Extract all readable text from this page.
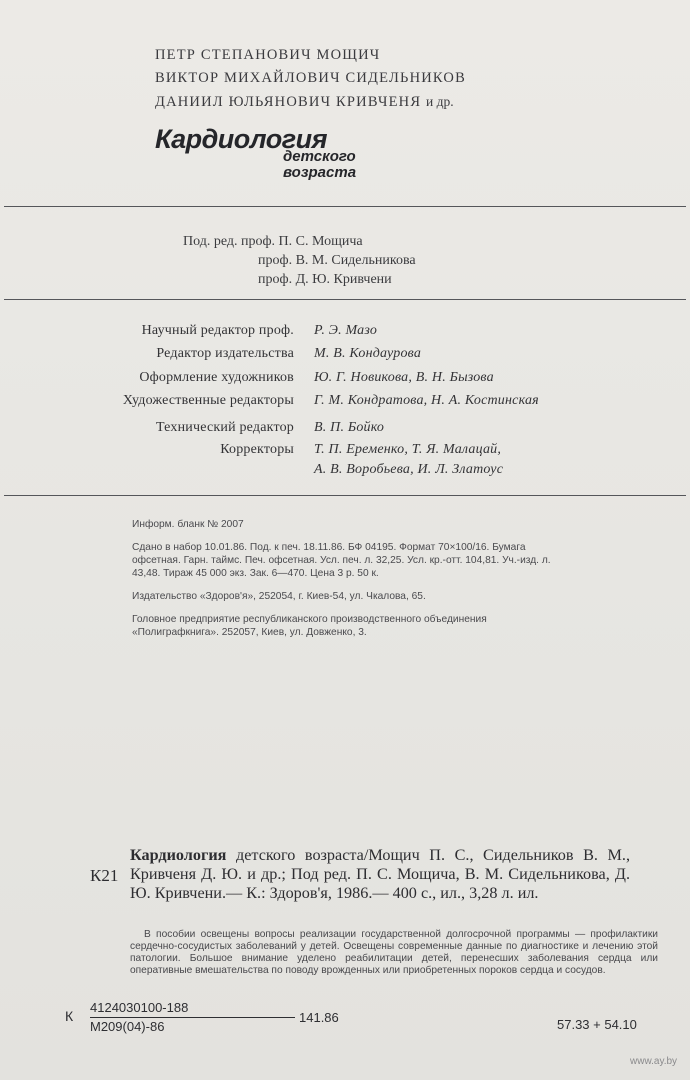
ПЕТР СТЕПАНОВИЧ МОЩИЧ
ВИКТОР МИХАЙЛОВИЧ СИДЕЛЬНИКОВ
ДАНИИЛ ЮЛЬЯНОВИЧ КРИВЧЕНЯ и др.
Кардиология
детского
возраста
Под. ред. проф. П. С. Мощича
проф. В. М. Сидельникова
проф. Д. Ю. Кривчени
Научный редактор проф. Р. Э. Мазо
Редактор издательства М. В. Кондаурова
Оформление художников Ю. Г. Новикова, В. Н. Бызова
Художественные редакторы Г. М. Кондратова, Н. А. Костинская
Технический редактор В. П. Бойко
Корректоры Т. П. Еременко, Т. Я. Малацай,
А. В. Воробьева, И. Л. Златоус

Информ. бланк № 2007

Сдано в набор 10.01.86. Под. к печ. 18.11.86. БФ 04195. Формат 70×100/16. Бумага офсетная. Гарн. таймс. Печ. офсетная. Усл. печ. л. 32,25. Усл. кр.-отт. 104,81. Уч.-изд. л. 43,48. Тираж 45 000 экз. Зак. 6—470. Цена 3 р. 50 к.

Издательство «Здоров'я», 252054, г. Киев-54, ул. Чкалова, 65.

Головное предприятие республиканского производственного объединения «Полиграфкнига». 252057, Киев, ул. Довженко, 3.

К21
Кардиология детского возраста/Мощич П. С., Сидельников В. М., Кривченя Д. Ю. и др.; Под ред. П. С. Мощича, В. М. Сидельникова, Д. Ю. Кривчени.— К.: Здоров'я, 1986.— 400 с., ил., 3,28 л. ил.
В пособии освещены вопросы реализации государственной долгосрочной программы — профилактики сердечно-сосудистых заболеваний у детей. Освещены современные данные по диагностике и лечению этой патологии. Большое внимание уделено реабилитации детей, перенесших заболевания сердца или оперативные вмешательства по поводу врожденных или приобретенных пороков сердца и сосудов.
К
4124030100-188
М209(04)-86
141.86	57.33 + 54.10
www.ay.by
